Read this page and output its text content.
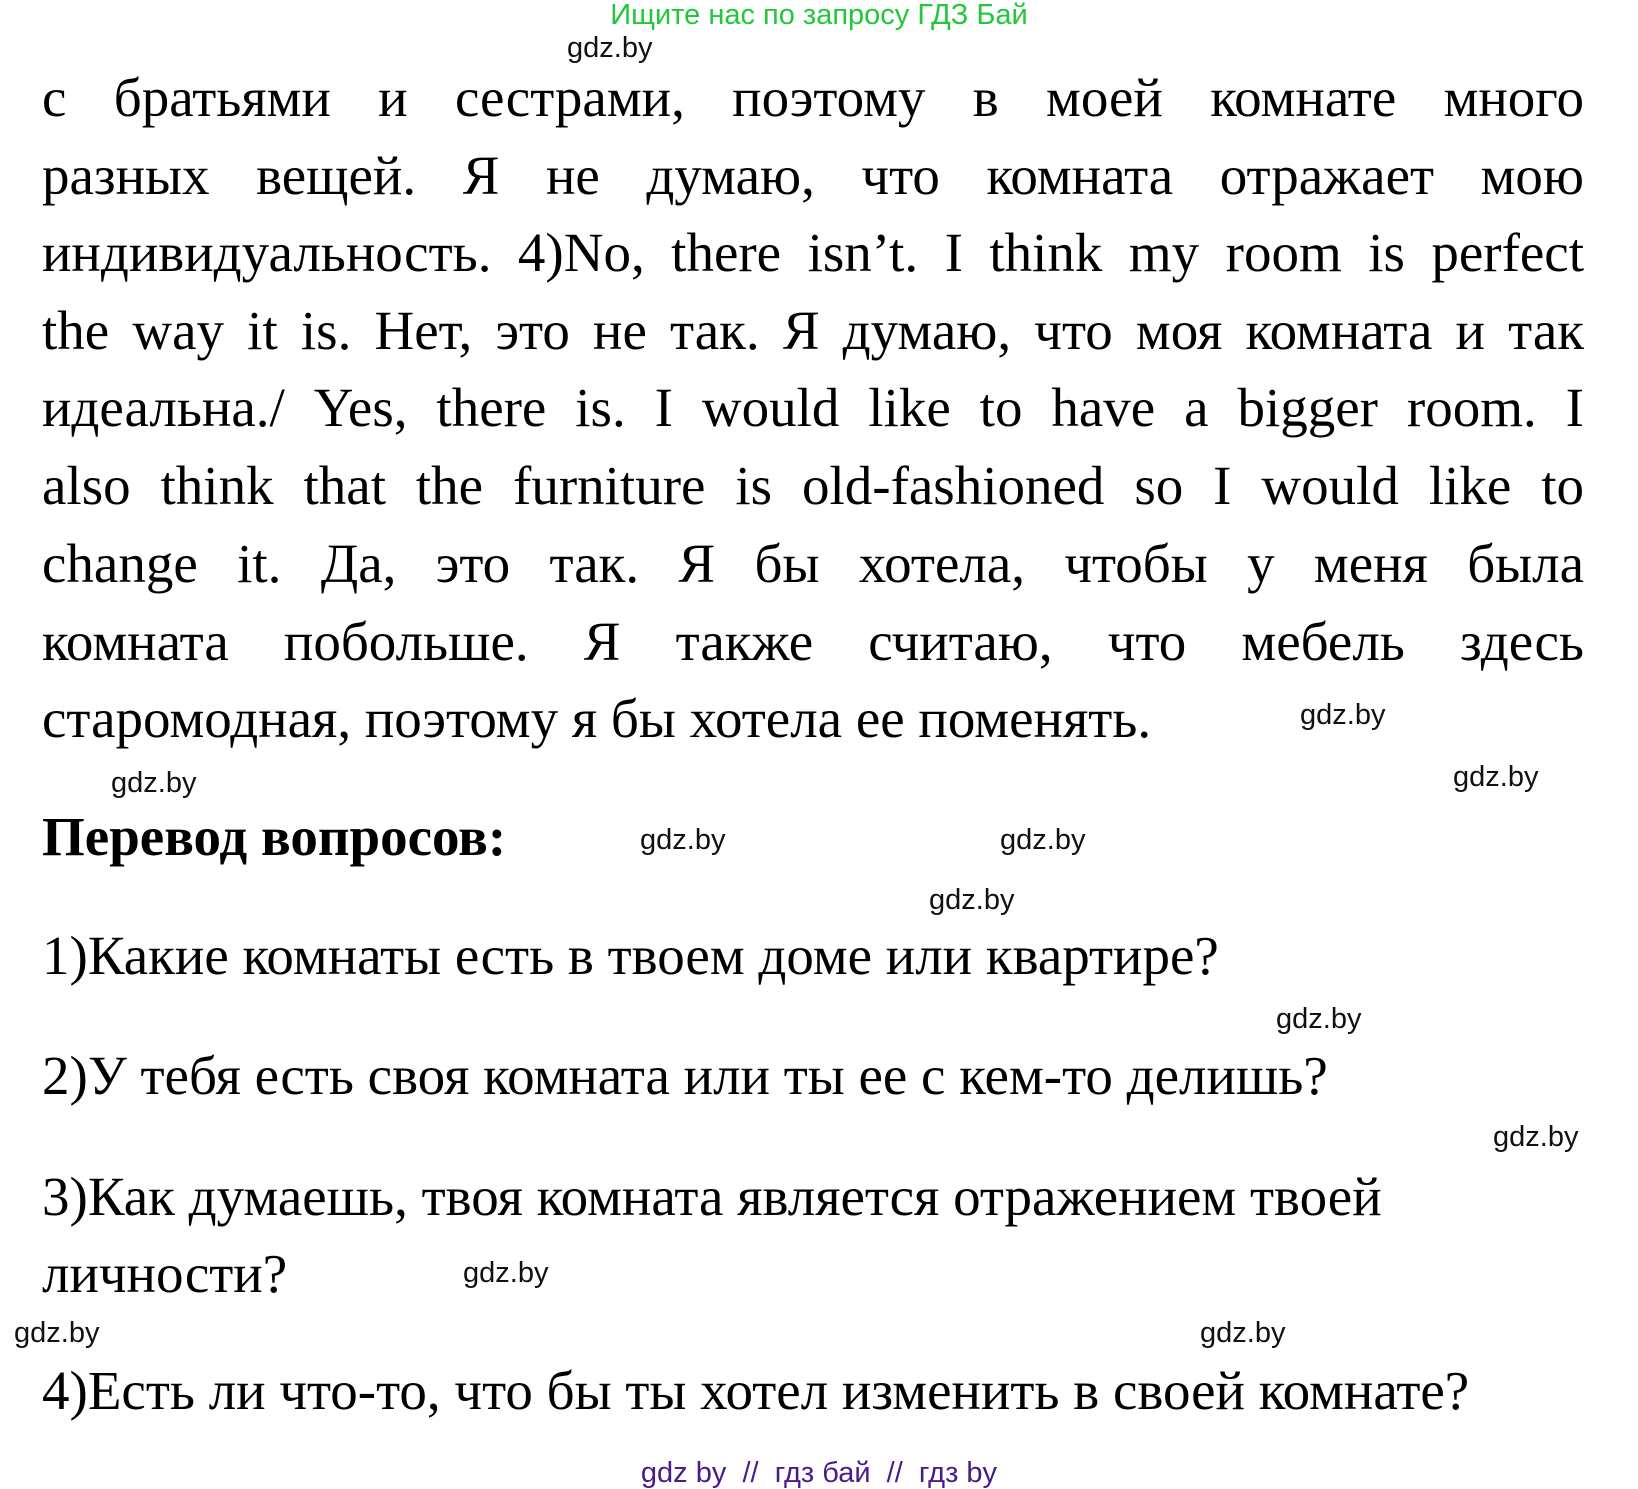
Ищите нас по запросу ГДЗ Бай
с братьями и сестрами, поэтому в моей комнате много
разных вещей. Я не думаю, что комната отражает мою
индивидуальность. 4)No, there isn’t. I think my room is perfect
the way it is. Нет, это не так. Я думаю, что моя комната и так
идеальна./ Yes, there is. I would like to have a bigger room. I
also think that the furniture is old-fashioned so I would like to
change it. Да, это так. Я бы хотела, чтобы у меня была
комната побольше. Я также считаю, что мебель здесь
старомодная, поэтому я бы хотела ее поменять.
Перевод вопросов:
1)Какие комнаты есть в твоем доме или квартире?
2)У тебя есть своя комната или ты ее с кем-то делишь?
3)Как думаешь, твоя комната является отражением твоей
личности?
4)Есть ли что-то, что бы ты хотел изменить в своей комнате?
gdz.by
gdz.by
gdz.by
gdz.by
gdz.by	gdz.by
gdz.by
gdz.by
gdz.by
gdz.by
gdz.by	gdz.by
gdz by  //  гдз бай  //  гдз by
